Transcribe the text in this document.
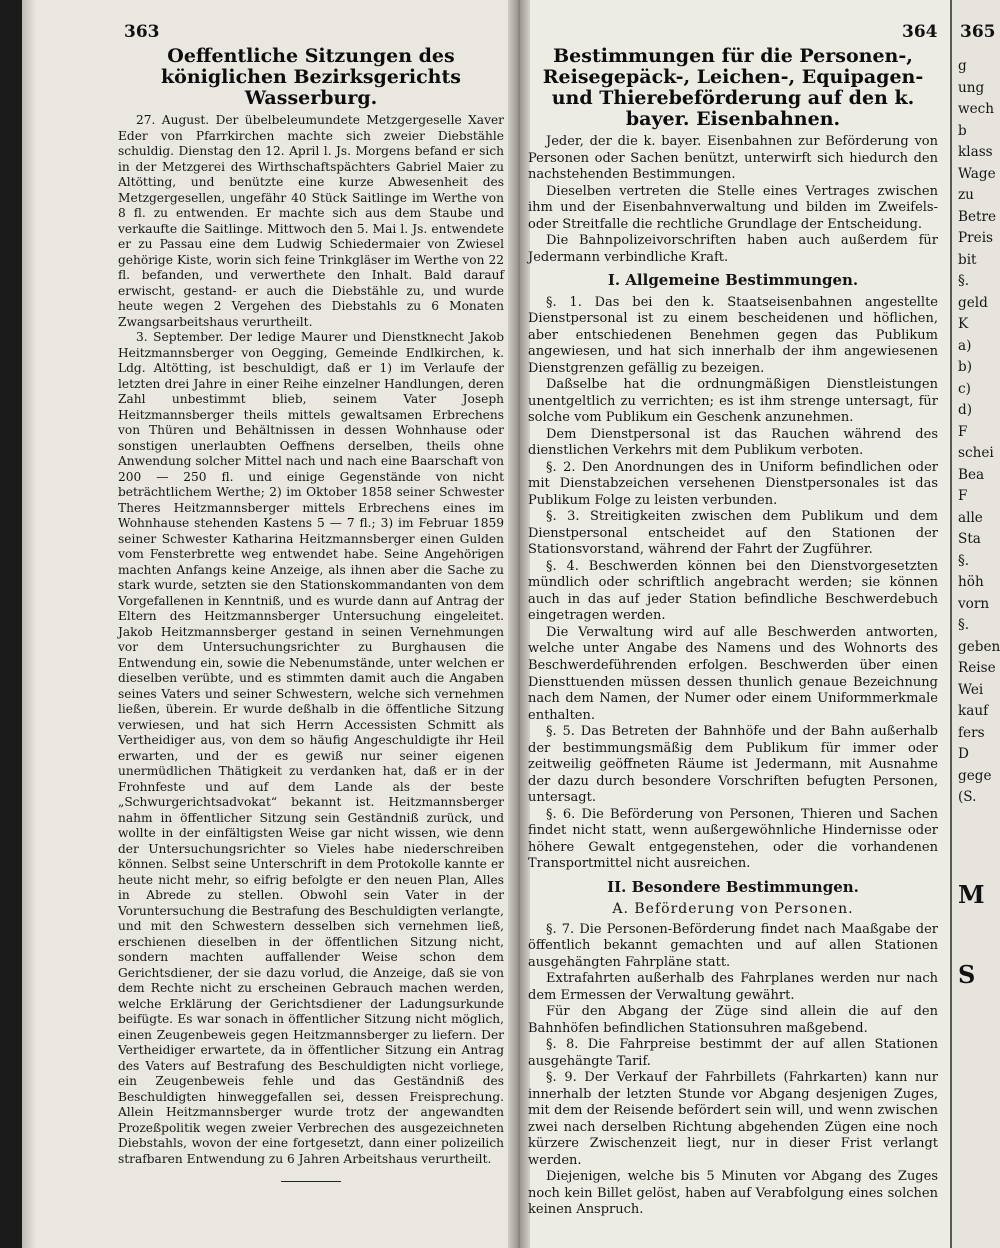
363	364 365
Oeffentliche Sitzungen des königlichen Bezirksgerichts Wasserburg.

27. August. Der übelbeleumundete Metzgergeselle Xaver Eder von Pfarrkirchen machte sich zweier Diebstähle schuldig. Dienstag den 12. April l. Js. Morgens befand er sich in der Metzgerei des Wirthschaftspächters Gabriel Maier zu Altötting, und benützte eine kurze Abwesenheit des Metzgergesellen, ungefähr 40 Stück Saitlinge im Werthe von 8 fl. zu entwenden. Er machte sich aus dem Staube und verkaufte die Saitlinge. Mittwoch den 5. Mai l. Js. entwendete er zu Passau eine dem Ludwig Schiedermaier von Zwiesel gehörige Kiste, worin sich feine Trinkgläser im Werthe von 22 fl. befanden, und verwerthete den Inhalt. Bald darauf erwischt, gestand- er auch die Diebstähle zu, und wurde heute wegen 2 Vergehen des Diebstahls zu 6 Monaten Zwangsarbeitshaus verurtheilt.

3. September. Der ledige Maurer und Dienstknecht Jakob Heitzmannsberger von Oegging, Gemeinde Endlkirchen, k. Ldg. Altötting, ist beschuldigt, daß er 1) im Verlaufe der letzten drei Jahre in einer Reihe einzelner Handlungen, deren Zahl unbestimmt blieb, seinem Vater Joseph Heitzmannsberger theils mittels gewaltsamen Erbrechens von Thüren und Behältnissen in dessen Wohnhause oder sonstigen unerlaubten Oeffnens derselben, theils ohne Anwendung solcher Mittel nach und nach eine Baarschaft von 200 — 250 fl. und einige Gegenstände von nicht beträchtlichem Werthe; 2) im Oktober 1858 seiner Schwester Theres Heitzmannsberger mittels Erbrechens eines im Wohnhause stehenden Kastens 5 — 7 fl.; 3) im Februar 1859 seiner Schwester Katharina Heitzmannsberger einen Gulden vom Fensterbrette weg entwendet habe. Seine Angehörigen machten Anfangs keine Anzeige, als ihnen aber die Sache zu stark wurde, setzten sie den Stationskommandanten von dem Vorgefallenen in Kenntniß, und es wurde dann auf Antrag der Eltern des Heitzmannsberger Untersuchung eingeleitet. Jakob Heitzmannsberger gestand in seinen Vernehmungen vor dem Untersuchungsrichter zu Burghausen die Entwendung ein, sowie die Nebenumstände, unter welchen er dieselben verübte, und es stimmten damit auch die Angaben seines Vaters und seiner Schwestern, welche sich vernehmen ließen, überein. Er wurde deßhalb in die öffentliche Sitzung verwiesen, und hat sich Herrn Accessisten Schmitt als Vertheidiger aus, von dem so häufig Angeschuldigte ihr Heil erwarten, und der es gewiß nur seiner eigenen unermüdlichen Thätigkeit zu verdanken hat, daß er in der Frohnfeste und auf dem Lande als der beste „Schwurgerichtsadvokat“ bekannt ist. Heitzmannsberger nahm in öffentlicher Sitzung sein Geständniß zurück, und wollte in der einfältigsten Weise gar nicht wissen, wie denn der Untersuchungsrichter so Vieles habe niederschreiben können. Selbst seine Unterschrift in dem Protokolle kannte er heute nicht mehr, so eifrig befolgte er den neuen Plan, Alles in Abrede zu stellen. Obwohl sein Vater in der Voruntersuchung die Bestrafung des Beschuldigten verlangte, und mit den Schwestern desselben sich vernehmen ließ, erschienen dieselben in der öffentlichen Sitzung nicht, sondern machten auffallender Weise schon dem Gerichtsdiener, der sie dazu vorlud, die Anzeige, daß sie von dem Rechte nicht zu erscheinen Gebrauch machen werden, welche Erklärung der Gerichtsdiener der Ladungsurkunde beifügte. Es war sonach in öffentlicher Sitzung nicht möglich, einen Zeugenbeweis gegen Heitzmannsberger zu liefern. Der Vertheidiger erwartete, da in öffentlicher Sitzung ein Antrag des Vaters auf Bestrafung des Beschuldigten nicht vorliege, ein Zeugenbeweis fehle und das Geständniß des Beschuldigten hinweggefallen sei, dessen Freisprechung. Allein Heitzmannsberger wurde trotz der angewandten Prozeßpolitik wegen zweier Verbrechen des ausgezeichneten Diebstahls, wovon der eine fortgesetzt, dann einer polizeilich strafbaren Entwendung zu 6 Jahren Arbeitshaus verurtheilt.

Bestimmungen für die Personen-, Reisegepäck-, Leichen-, Equipagen- und Thierebeförderung auf den k. bayer. Eisenbahnen.

Jeder, der die k. bayer. Eisenbahnen zur Beförderung von Personen oder Sachen benützt, unterwirft sich hiedurch den nachstehenden Bestimmungen.

Dieselben vertreten die Stelle eines Vertrages zwischen ihm und der Eisenbahnverwaltung und bilden im Zweifels- oder Streitfalle die rechtliche Grundlage der Entscheidung.

Die Bahnpolizeivorschriften haben auch außerdem für Jedermann verbindliche Kraft.

I. Allgemeine Bestimmungen.

§. 1. Das bei den k. Staatseisenbahnen angestellte Dienstpersonal ist zu einem bescheidenen und höflichen, aber entschiedenen Benehmen gegen das Publikum angewiesen, und hat sich innerhalb der ihm angewiesenen Dienstgrenzen gefällig zu bezeigen.

Daßselbe hat die ordnungmäßigen Dienstleistungen unentgeltlich zu verrichten; es ist ihm strenge untersagt, für solche vom Publikum ein Geschenk anzunehmen.

Dem Dienstpersonal ist das Rauchen während des dienstlichen Verkehrs mit dem Publikum verboten.

§. 2. Den Anordnungen des in Uniform befindlichen oder mit Dienstabzeichen versehenen Dienstpersonales ist das Publikum Folge zu leisten verbunden.

§. 3. Streitigkeiten zwischen dem Publikum und dem Dienstpersonal entscheidet auf den Stationen der Stationsvorstand, während der Fahrt der Zugführer.

§. 4. Beschwerden können bei den Dienstvorgesetzten mündlich oder schriftlich angebracht werden; sie können auch in das auf jeder Station befindliche Beschwerdebuch eingetragen werden.

Die Verwaltung wird auf alle Beschwerden antworten, welche unter Angabe des Namens und des Wohnorts des Beschwerdeführenden erfolgen. Beschwerden über einen Diensttuenden müssen dessen thunlich genaue Bezeichnung nach dem Namen, der Numer oder einem Uniformmerkmale enthalten.

§. 5. Das Betreten der Bahnhöfe und der Bahn außerhalb der bestimmungsmäßig dem Publikum für immer oder zeitweilig geöffneten Räume ist Jedermann, mit Ausnahme der dazu durch besondere Vorschriften befugten Personen, untersagt.

§. 6. Die Beförderung von Personen, Thieren und Sachen findet nicht statt, wenn außergewöhnliche Hindernisse oder höhere Gewalt entgegenstehen, oder die vorhandenen Transportmittel nicht ausreichen.

II. Besondere Bestimmungen.
A. Beförderung von Personen.

§. 7. Die Personen-Beförderung findet nach Maaßgabe der öffentlich bekannt gemachten und auf allen Stationen ausgehängten Fahrpläne statt.

Extrafahrten außerhalb des Fahrplanes werden nur nach dem Ermessen der Verwaltung gewährt.

Für den Abgang der Züge sind allein die auf den Bahnhöfen befindlichen Stationsuhren maßgebend.

§. 8. Die Fahrpreise bestimmt der auf allen Stationen ausgehängte Tarif.

§. 9. Der Verkauf der Fahrbillets (Fahrkarten) kann nur innerhalb der letzten Stunde vor Abgang desjenigen Zuges, mit dem der Reisende befördert sein will, und wenn zwischen zwei nach derselben Richtung abgehenden Zügen eine noch kürzere Zwischenzeit liegt, nur in dieser Frist verlangt werden.

Diejenigen, welche bis 5 Minuten vor Abgang des Zuges noch kein Billet gelöst, haben auf Verabfolgung eines solchen keinen Anspruch.

g
ung
wech
b
klass
Wage
zu
Betre
Preis
bit
§.
geld
K
a)
b)
c)
d)
F
schei
Bea
F
alle
Sta
§.
höh
vorn
§.
geben
Reise
Wei
kauf
fers
D
gege
(S.
M
S
